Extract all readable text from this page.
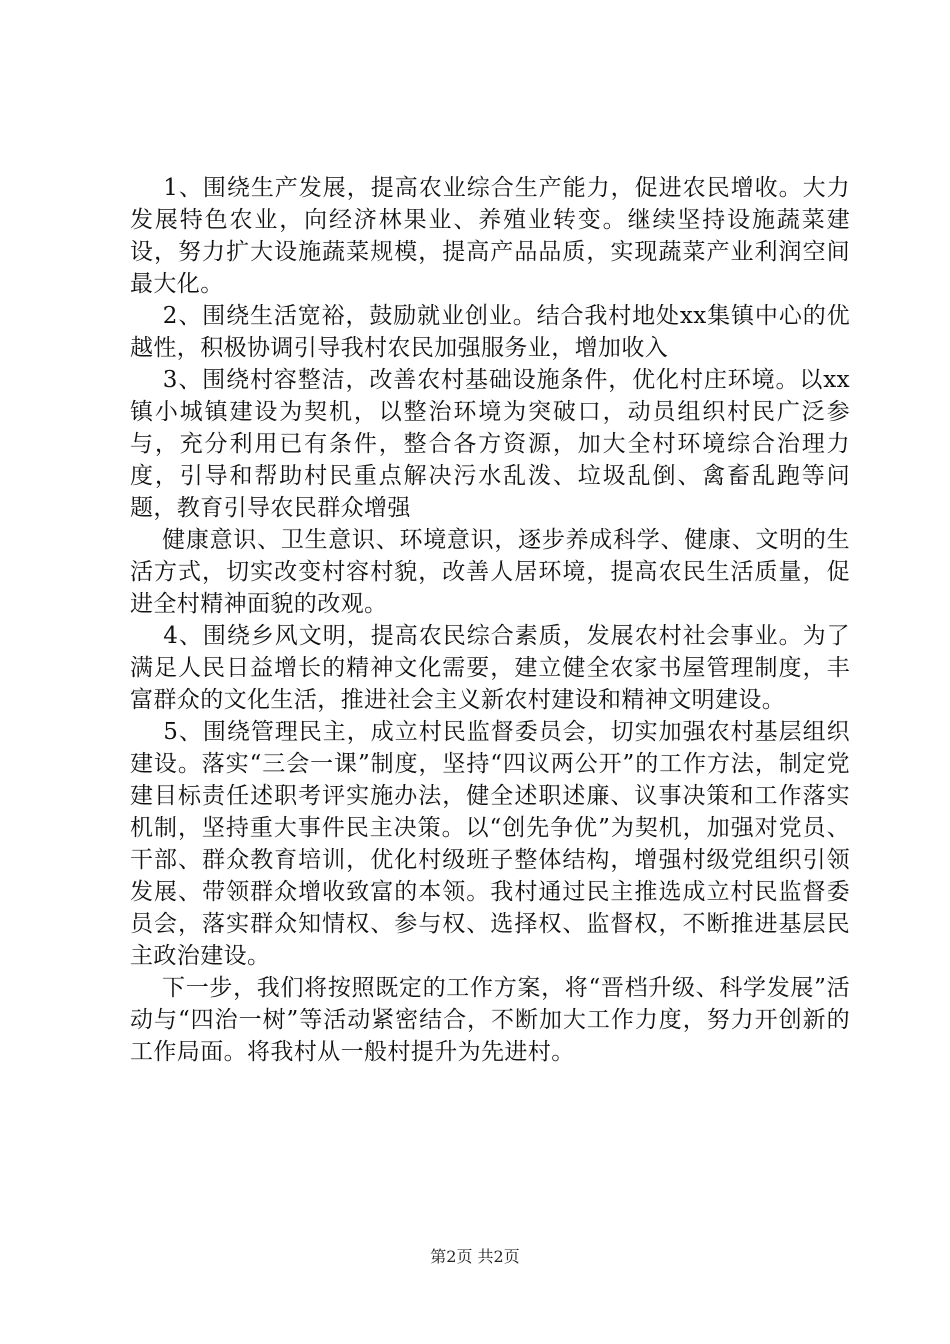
1、围绕生产发展，提高农业综合生产能力，促进农民增收。大力发展特色农业，向经济林果业、养殖业转变。继续坚持设施蔬菜建设，努力扩大设施蔬菜规模，提高产品品质，实现蔬菜产业利润空间最大化。

2、围绕生活宽裕，鼓励就业创业。结合我村地处xx集镇中心的优越性，积极协调引导我村农民加强服务业，增加收入

3、围绕村容整洁，改善农村基础设施条件，优化村庄环境。以xx镇小城镇建设为契机，以整治环境为突破口，动员组织村民广泛参与，充分利用已有条件，整合各方资源，加大全村环境综合治理力度，引导和帮助村民重点解决污水乱泼、垃圾乱倒、禽畜乱跑等问题，教育引导农民群众增强

健康意识、卫生意识、环境意识，逐步养成科学、健康、文明的生活方式，切实改变村容村貌，改善人居环境，提高农民生活质量，促进全村精神面貌的改观。

4、围绕乡风文明，提高农民综合素质，发展农村社会事业。为了满足人民日益增长的精神文化需要，建立健全农家书屋管理制度，丰富群众的文化生活，推进社会主义新农村建设和精神文明建设。

5、围绕管理民主，成立村民监督委员会，切实加强农村基层组织建设。落实“三会一课”制度，坚持“四议两公开”的工作方法，制定党建目标责任述职考评实施办法，健全述职述廉、议事决策和工作落实机制，坚持重大事件民主决策。以“创先争优”为契机，加强对党员、干部、群众教育培训，优化村级班子整体结构，增强村级党组织引领发展、带领群众增收致富的本领。我村通过民主推选成立村民监督委员会，落实群众知情权、参与权、选择权、监督权，不断推进基层民主政治建设。

下一步，我们将按照既定的工作方案，将“晋档升级、科学发展”活动与“四治一树”等活动紧密结合，不断加大工作力度，努力开创新的工作局面。将我村从一般村提升为先进村。

第2页 共2页
